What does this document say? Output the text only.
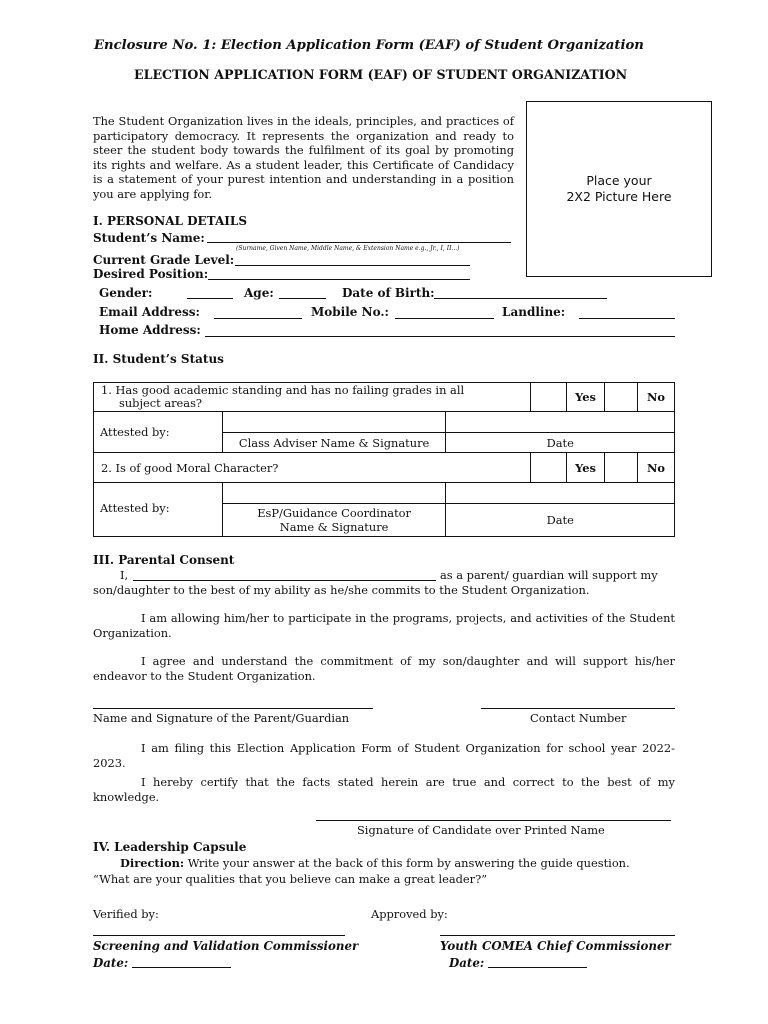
Enclosure No. 1: Election Application Form (EAF) of Student Organization
ELECTION APPLICATION FORM (EAF) OF STUDENT ORGANIZATION
The Student Organization lives in the ideals, principles, and practices of participatory democracy. It represents the organization and ready to steer the student body towards the fulfilment of its goal by promoting its rights and welfare. As a student leader, this Certificate of Candidacy is a statement of your purest intention and understanding in a position you are applying for.
Place your
2X2 Picture Here
I. PERSONAL DETAILS
Student’s Name:
(Surname, Given Name, Middle Name, & Extension Name e.g., Jr., I, II...)
Current Grade Level:
Desired Position:
Gender:	Age:	Date of Birth:
Email Address:	Mobile No.:	Landline:
Home Address:
II. Student’s Status
1. Has good academic standing and has no failing grades in all
subject areas?				Yes		No
Attested by:						
	Class Adviser Name & Signature	Date				
2. Is of good Moral Character?				Yes		No
Attested by:						

	EsP/Guidance Coordinator
Name & Signature	Date				
III. Parental Consent
I,	as a parent/ guardian will support my
son/daughter to the best of my ability as he/she commits to the Student Organization.
I am allowing him/her to participate in the programs, projects, and activities of the Student Organization.
I agree and understand the commitment of my son/daughter and will support his/her endeavor to the Student Organization.
Name and Signature of the Parent/Guardian	Contact Number
I am filing this Election Application Form of Student Organization for school year 2022-2023.
I hereby certify that the facts stated herein are true and correct to the best of my knowledge.
Signature of Candidate over Printed Name
IV. Leadership Capsule
Direction: Write your answer at the back of this form by answering the guide question.
“What are your qualities that you believe can make a great leader?”
Verified by:	Approved by:
Screening and Validation Commissioner	Youth COMEA Chief Commissioner
Date:	Date:
